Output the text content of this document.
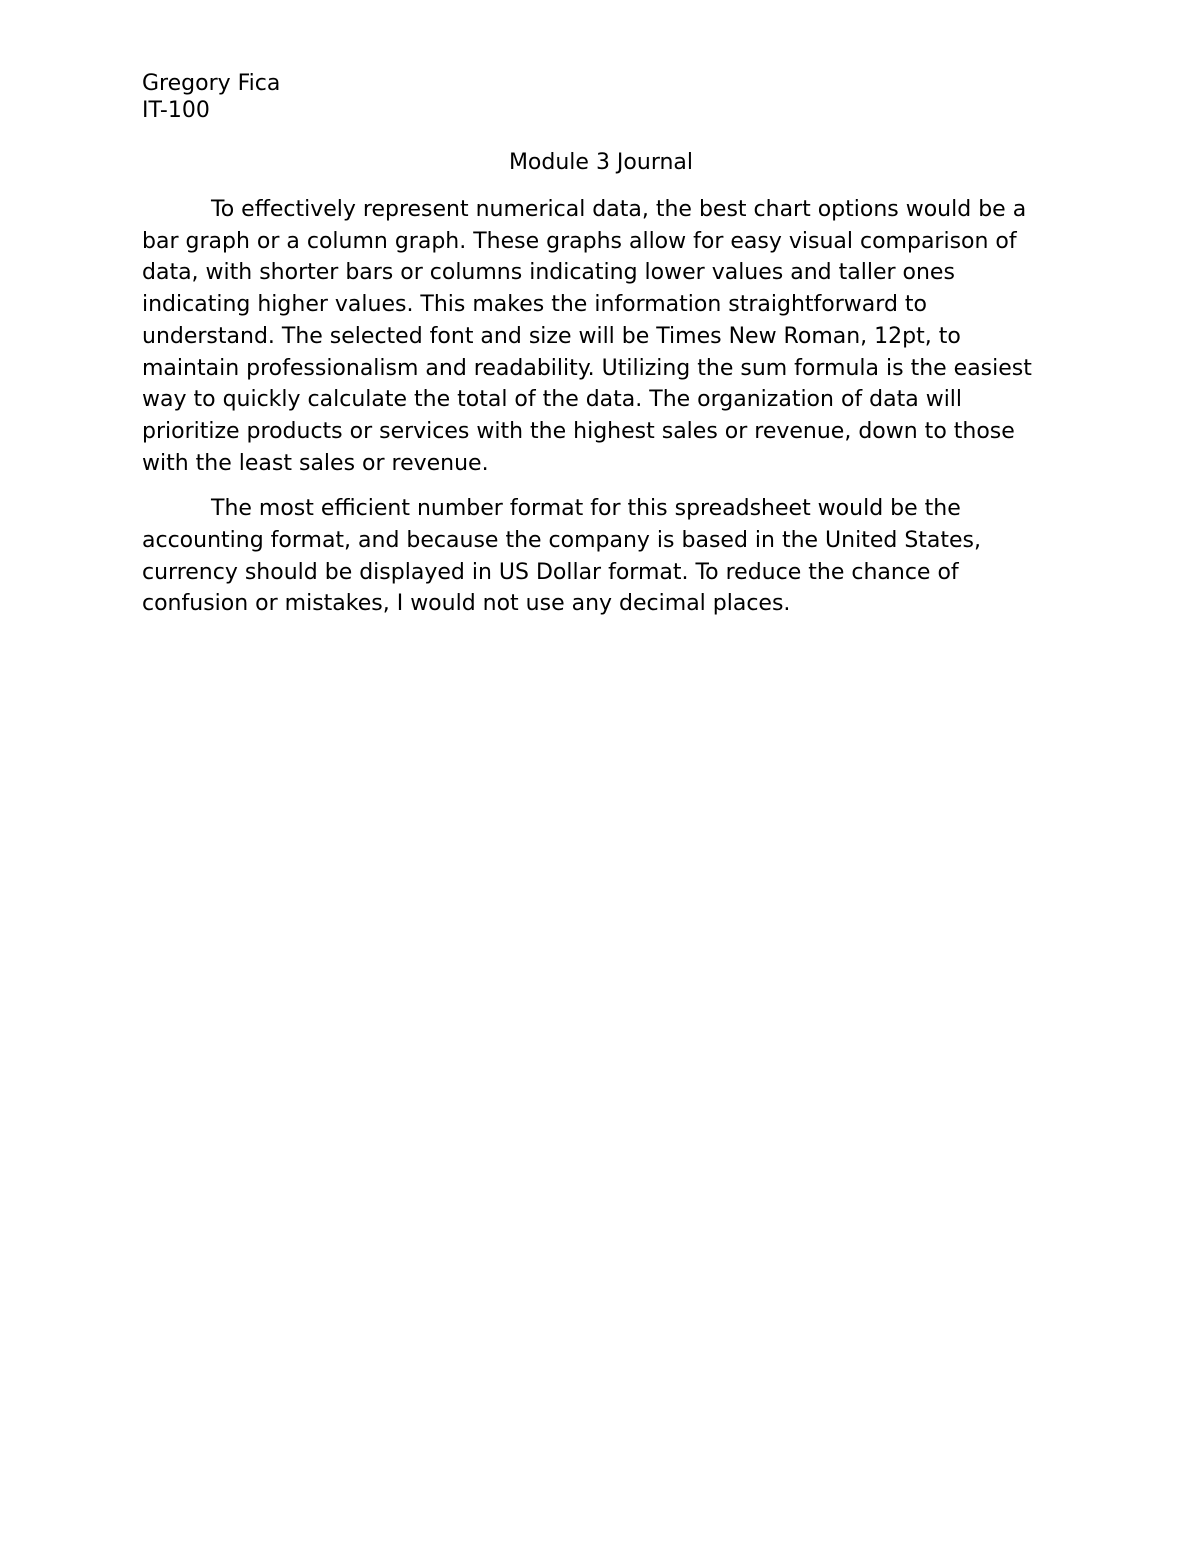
Gregory Fica
IT-100
Module 3 Journal

To effectively represent numerical data, the best chart options would be a bar graph or a column graph. These graphs allow for easy visual comparison of data, with shorter bars or columns indicating lower values and taller ones indicating higher values. This makes the information straightforward to understand. The selected font and size will be Times New Roman, 12pt, to maintain professionalism and readability. Utilizing the sum formula is the easiest way to quickly calculate the total of the data. The organization of data will prioritize products or services with the highest sales or revenue, down to those with the least sales or revenue.

The most efficient number format for this spreadsheet would be the accounting format, and because the company is based in the United States, currency should be displayed in US Dollar format. To reduce the chance of confusion or mistakes, I would not use any decimal places.
